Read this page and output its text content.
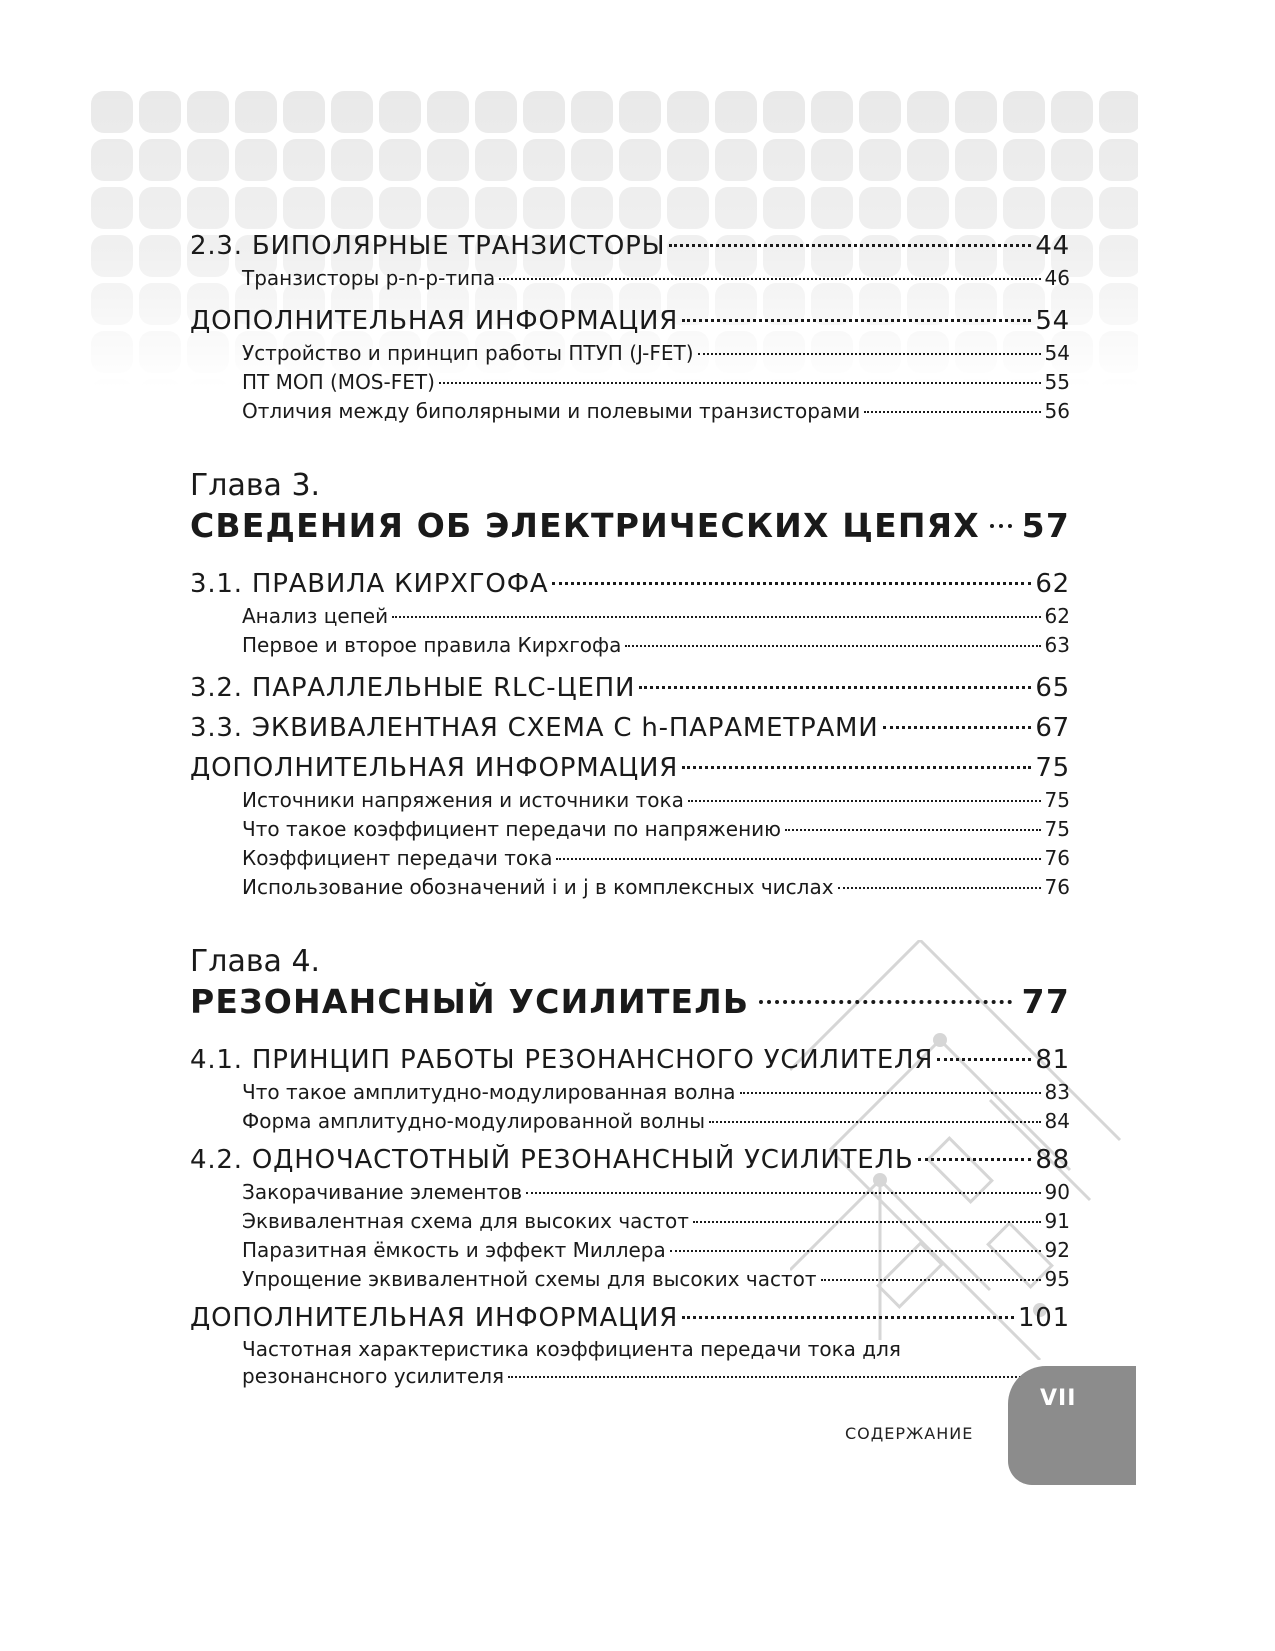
2.3. БИПОЛЯРНЫЕ ТРАНЗИСТОРЫ	44
Транзисторы p-n-p-типа	46
ДОПОЛНИТЕЛЬНАЯ ИНФОРМАЦИЯ	54
Устройство и принцип работы ПТУП (J-FET)	54
ПТ МОП (MOS-FET)	55
Отличия между биполярными и полевыми транзисторами	56
Глава 3.
СВЕДЕНИЯ ОБ ЭЛЕКТРИЧЕСКИХ ЦЕПЯХ 57
3.1. ПРАВИЛА КИРХГОФА	62
Анализ цепей	62
Первое и второе правила Кирхгофа	63
3.2. ПАРАЛЛЕЛЬНЫЕ RLC-ЦЕПИ	65
3.3. ЭКВИВАЛЕНТНАЯ СХЕМА С h-ПАРАМЕТРАМИ	67
ДОПОЛНИТЕЛЬНАЯ ИНФОРМАЦИЯ	75
Источники напряжения и источники тока	75
Что такое коэффициент передачи по напряжению	75
Коэффициент передачи тока	76
Использование обозначений i и j в комплексных числах	76
Глава 4.
РЕЗОНАНСНЫЙ УСИЛИТЕЛЬ	77
4.1. ПРИНЦИП РАБОТЫ РЕЗОНАНСНОГО УСИЛИТЕЛЯ	81
Что такое амплитудно-модулированная волна	83
Форма амплитудно-модулированной волны	84
4.2. ОДНОЧАСТОТНЫЙ РЕЗОНАНСНЫЙ УСИЛИТЕЛЬ	88
Закорачивание элементов	90
Эквивалентная схема для высоких частот	91
Паразитная ёмкость и эффект Миллера	92
Упрощение эквивалентной схемы для высоких частот	95
ДОПОЛНИТЕЛЬНАЯ ИНФОРМАЦИЯ	101
Частотная характеристика коэффициента передачи тока для
резонансного усилителя
СОДЕРЖАНИЕ
VII
